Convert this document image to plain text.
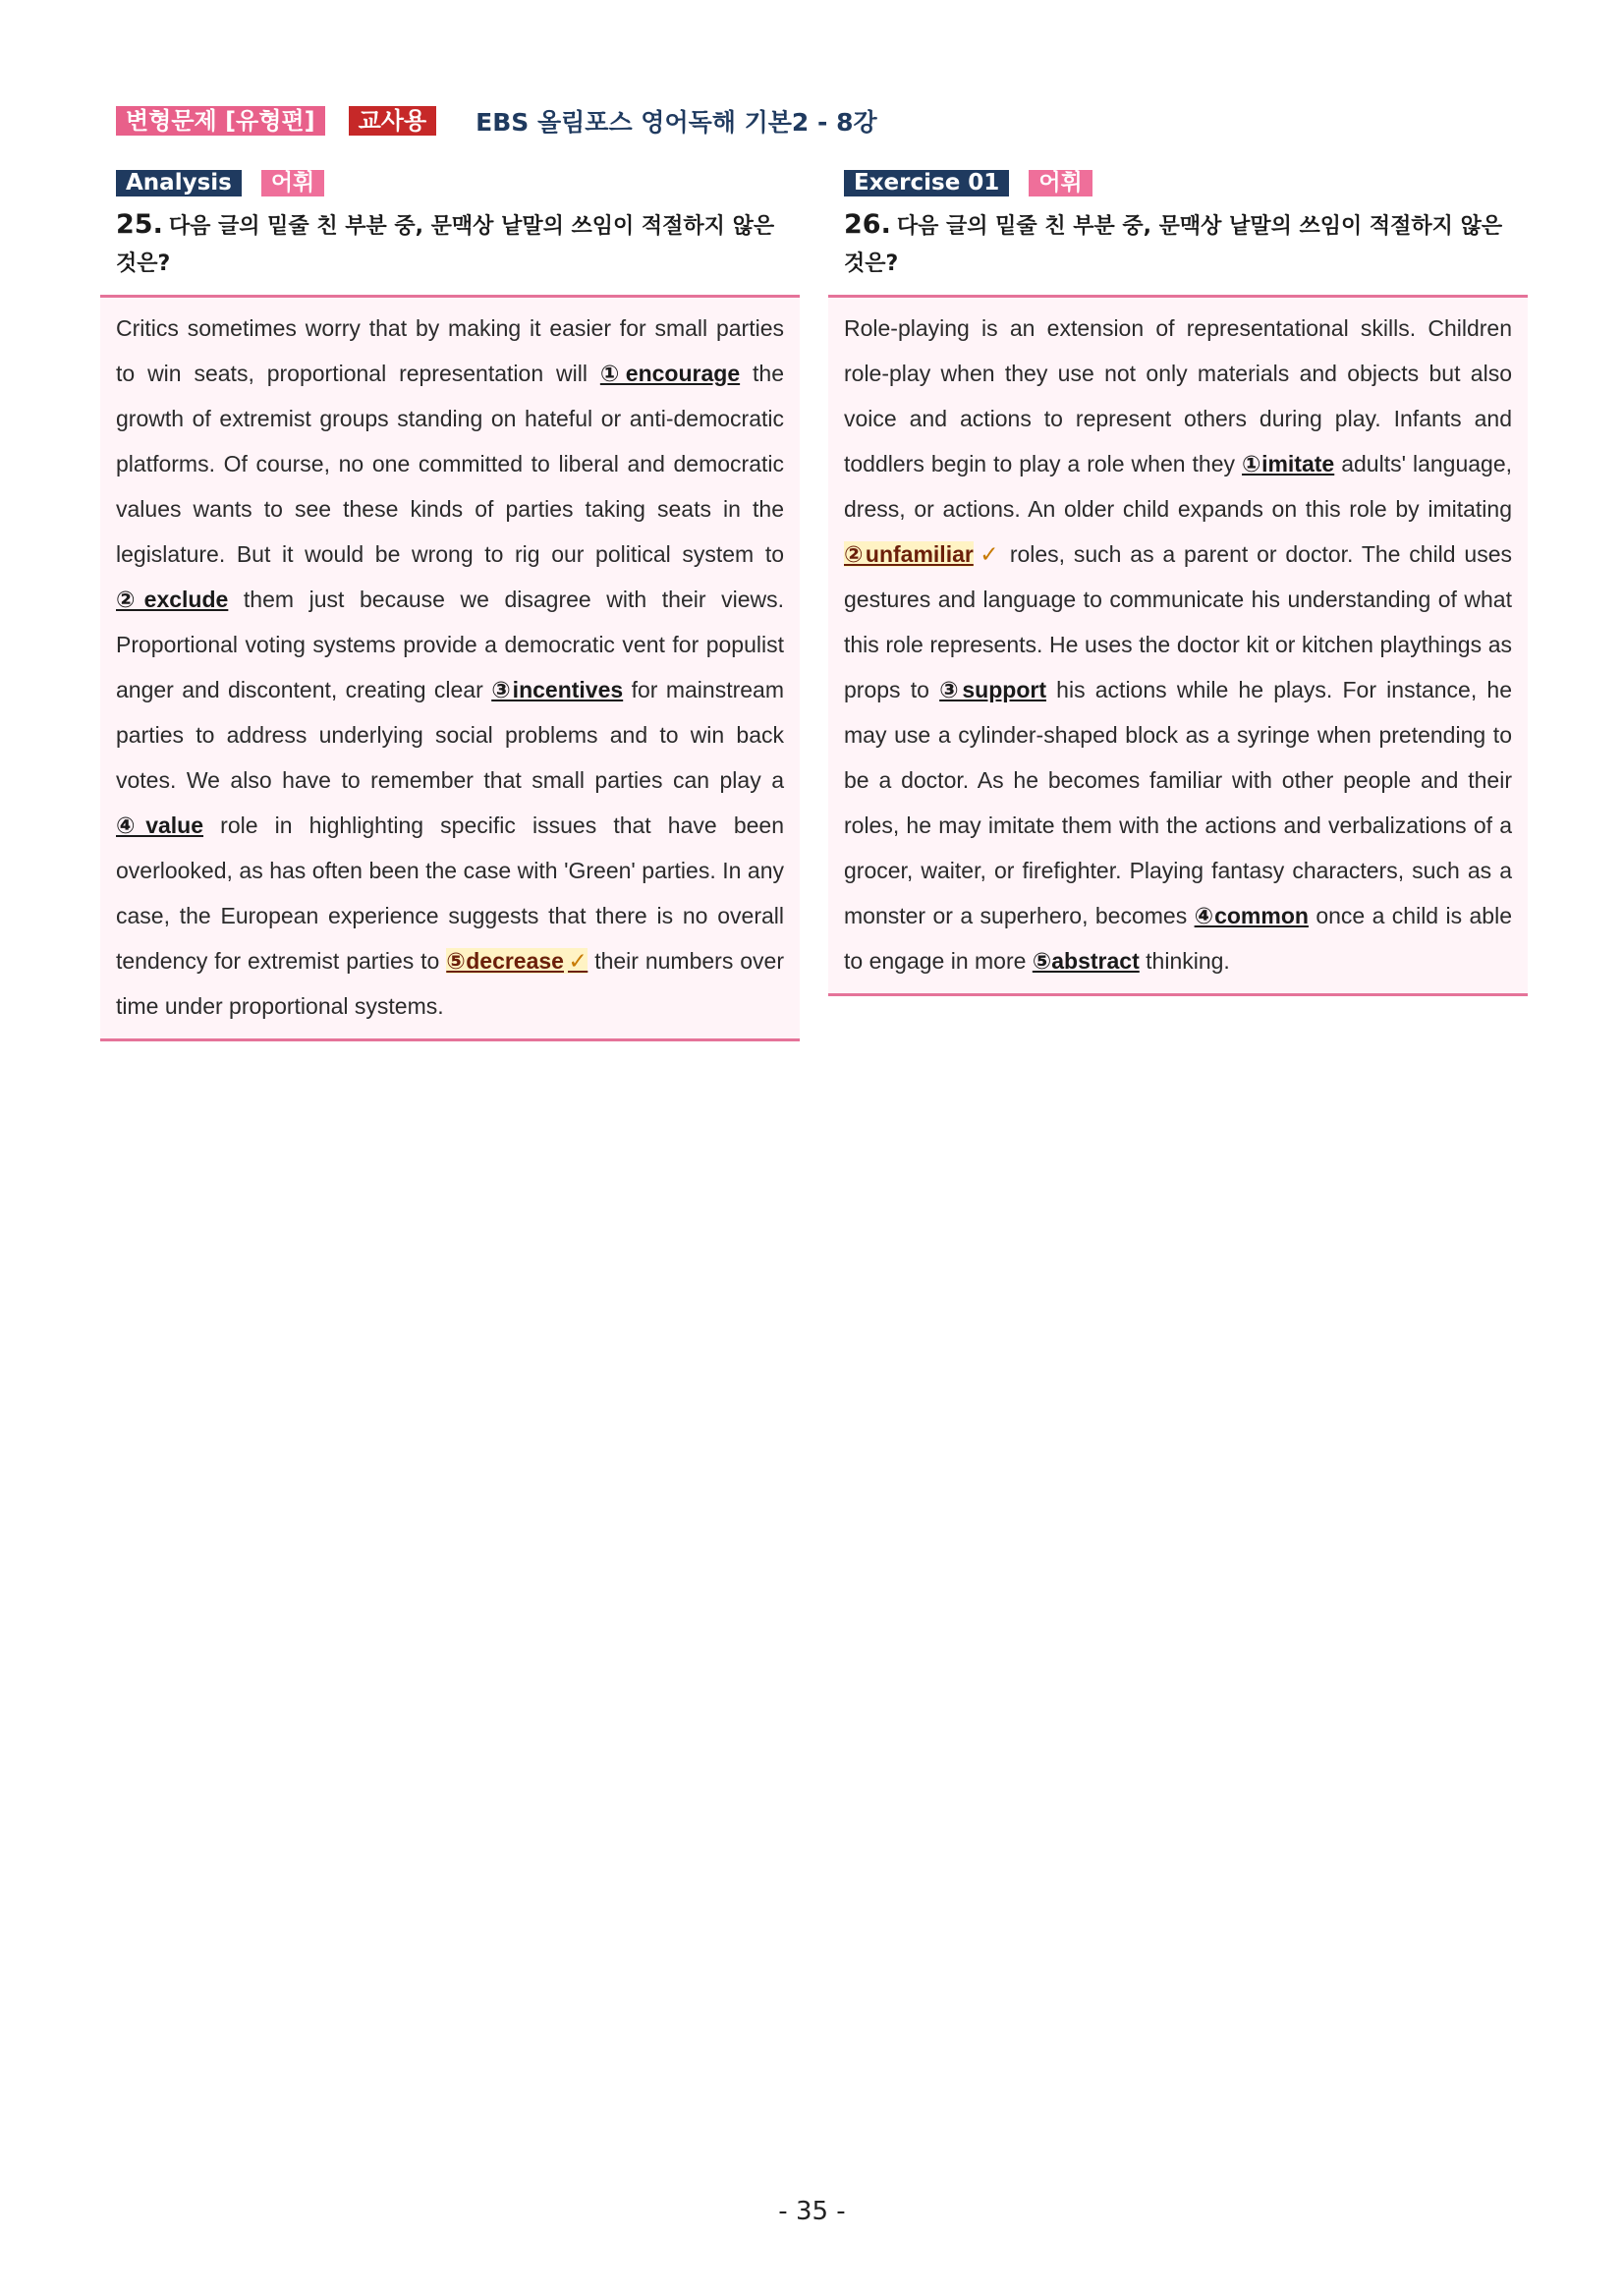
변형문제 [유형편]	교사용	EBS 올림포스 영어독해 기본2 - 8강
Analysis	어휘
25. 다음 글의 밑줄 친 부분 중, 문맥상 낱말의 쓰임이 적절하지 않은 것은?
Critics sometimes worry that by making it easier for small parties to win seats, proportional representation will ①encourage the growth of extremist groups standing on hateful or anti-democratic platforms. Of course, no one committed to liberal and democratic values wants to see these kinds of parties taking seats in the legislature. But it would be wrong to rig our political system to ②exclude them just because we disagree with their views. Proportional voting systems provide a democratic vent for populist anger and discontent, creating clear ③incentives for mainstream parties to address underlying social problems and to win back votes. We also have to remember that small parties can play a ④value role in highlighting specific issues that have been overlooked, as has often been the case with 'Green' parties. In any case, the European experience suggests that there is no overall tendency for extremist parties to ⑤decrease ✓ their numbers over time under proportional systems.
Exercise 01	어휘
26. 다음 글의 밑줄 친 부분 중, 문맥상 낱말의 쓰임이 적절하지 않은 것은?
Role-playing is an extension of representational skills. Children role-play when they use not only materials and objects but also voice and actions to represent others during play. Infants and toddlers begin to play a role when they ①imitate adults' language, dress, or actions. An older child expands on this role by imitating ②unfamiliar ✓ roles, such as a parent or doctor. The child uses gestures and language to communicate his understanding of what this role represents. He uses the doctor kit or kitchen playthings as props to ③support his actions while he plays. For instance, he may use a cylinder-shaped block as a syringe when pretending to be a doctor. As he becomes familiar with other people and their roles, he may imitate them with the actions and verbalizations of a grocer, waiter, or firefighter. Playing fantasy characters, such as a monster or a superhero, becomes ④common once a child is able to engage in more ⑤abstract thinking.
- 35 -
